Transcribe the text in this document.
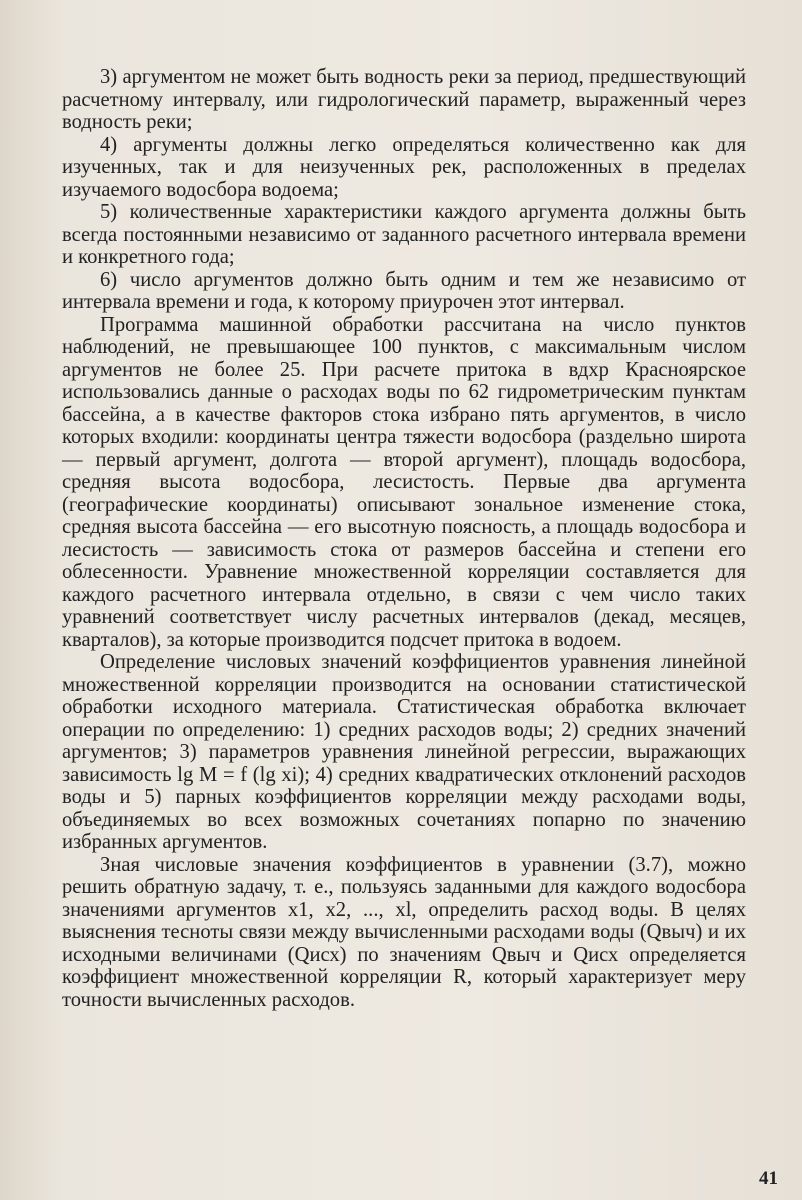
3) аргументом не может быть водность реки за период, предшествующий расчетному интервалу, или гидрологический параметр, выраженный через водность реки;

4) аргументы должны легко определяться количественно как для изученных, так и для неизученных рек, расположенных в пределах изучаемого водосбора водоема;

5) количественные характеристики каждого аргумента должны быть всегда постоянными независимо от заданного расчетного интервала времени и конкретного года;

6) число аргументов должно быть одним и тем же независимо от интервала времени и года, к которому приурочен этот интервал.

Программа машинной обработки рассчитана на число пунктов наблюдений, не превышающее 100 пунктов, с максимальным числом аргументов не более 25. При расчете притока в вдхр Красноярское использовались данные о расходах воды по 62 гидрометрическим пунктам бассейна, а в качестве факторов стока избрано пять аргументов, в число которых входили: координаты центра тяжести водосбора (раздельно широта — первый аргумент, долгота — второй аргумент), площадь водосбора, средняя высота водосбора, лесистость. Первые два аргумента (географические координаты) описывают зональное изменение стока, средняя высота бассейна — его высотную поясность, а площадь водосбора и лесистость — зависимость стока от размеров бассейна и степени его облесенности. Уравнение множественной корреляции составляется для каждого расчетного интервала отдельно, в связи с чем число таких уравнений соответствует числу расчетных интервалов (декад, месяцев, кварталов), за которые производится подсчет притока в водоем.

Определение числовых значений коэффициентов уравнения линейной множественной корреляции производится на основании статистической обработки исходного материала. Статистическая обработка включает операции по определению: 1) средних расходов воды; 2) средних значений аргументов; 3) параметров уравнения линейной регрессии, выражающих зависимость lg M = f (lg xi); 4) средних квадратических отклонений расходов воды и 5) парных коэффициентов корреляции между расходами воды, объединяемых во всех возможных сочетаниях попарно по значению избранных аргументов.

Зная числовые значения коэффициентов в уравнении (3.7), можно решить обратную задачу, т. е., пользуясь заданными для каждого водосбора значениями аргументов x1, x2, ..., xl, определить расход воды. В целях выяснения тесноты связи между вычисленными расходами воды (Qвыч) и их исходными величинами (Qисх) по значениям Qвыч и Qисх определяется коэффициент множественной корреляции R, который характеризует меру точности вычисленных расходов.

41
